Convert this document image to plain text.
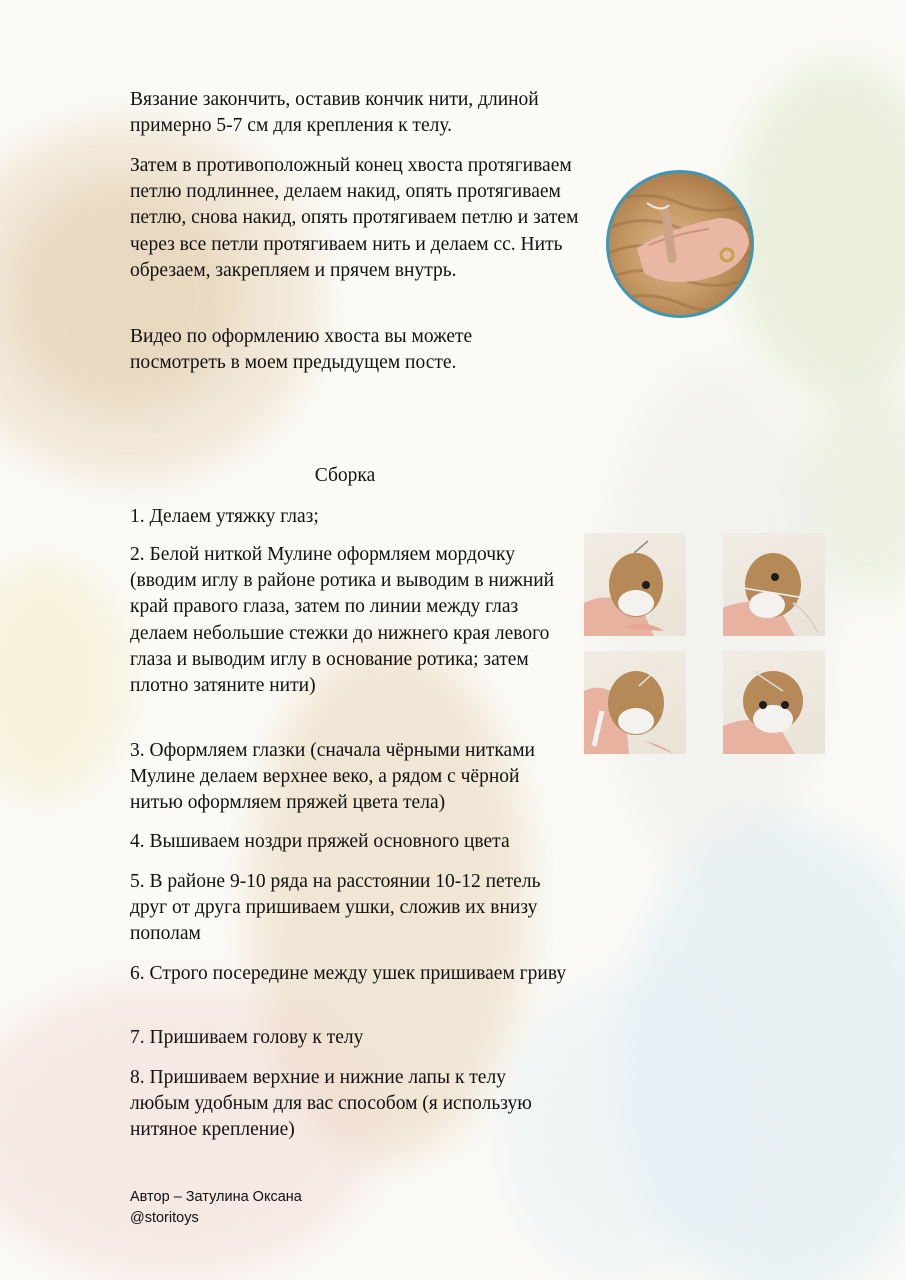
Вязание закончить, оставив кончик нити, длиной примерно 5-7 см для крепления к телу.

Затем в противоположный конец хвоста протягиваем петлю подлиннее, делаем накид, опять протягиваем петлю, снова накид, опять протягиваем петлю и затем через все петли протягиваем нить и делаем сс. Нить обрезаем, закрепляем и прячем внутрь.

Видео по оформлению хвоста вы можете посмотреть в моем предыдущем посте.

Сборка

1. Делаем утяжку глаз;

2. Белой ниткой Мулине оформляем мордочку (вводим иглу в районе ротика и выводим в нижний край правого глаза, затем по линии между глаз делаем небольшие стежки до нижнего края левого глаза и выводим иглу в основание ротика; затем плотно затяните нити)

3. Оформляем глазки (сначала чёрными нитками Мулине делаем верхнее веко, а рядом с чёрной нитью оформляем пряжей цвета тела)

4. Вышиваем ноздри пряжей основного цвета

5. В районе 9-10 ряда на расстоянии 10-12 петель друг от друга пришиваем ушки, сложив их внизу пополам

6. Строго посередине между ушек пришиваем гриву

7. Пришиваем голову к телу

8. Пришиваем верхние и нижние лапы к телу любым удобным для вас способом (я использую нитяное крепление)

Автор – Затулина Оксана
@storitoys
